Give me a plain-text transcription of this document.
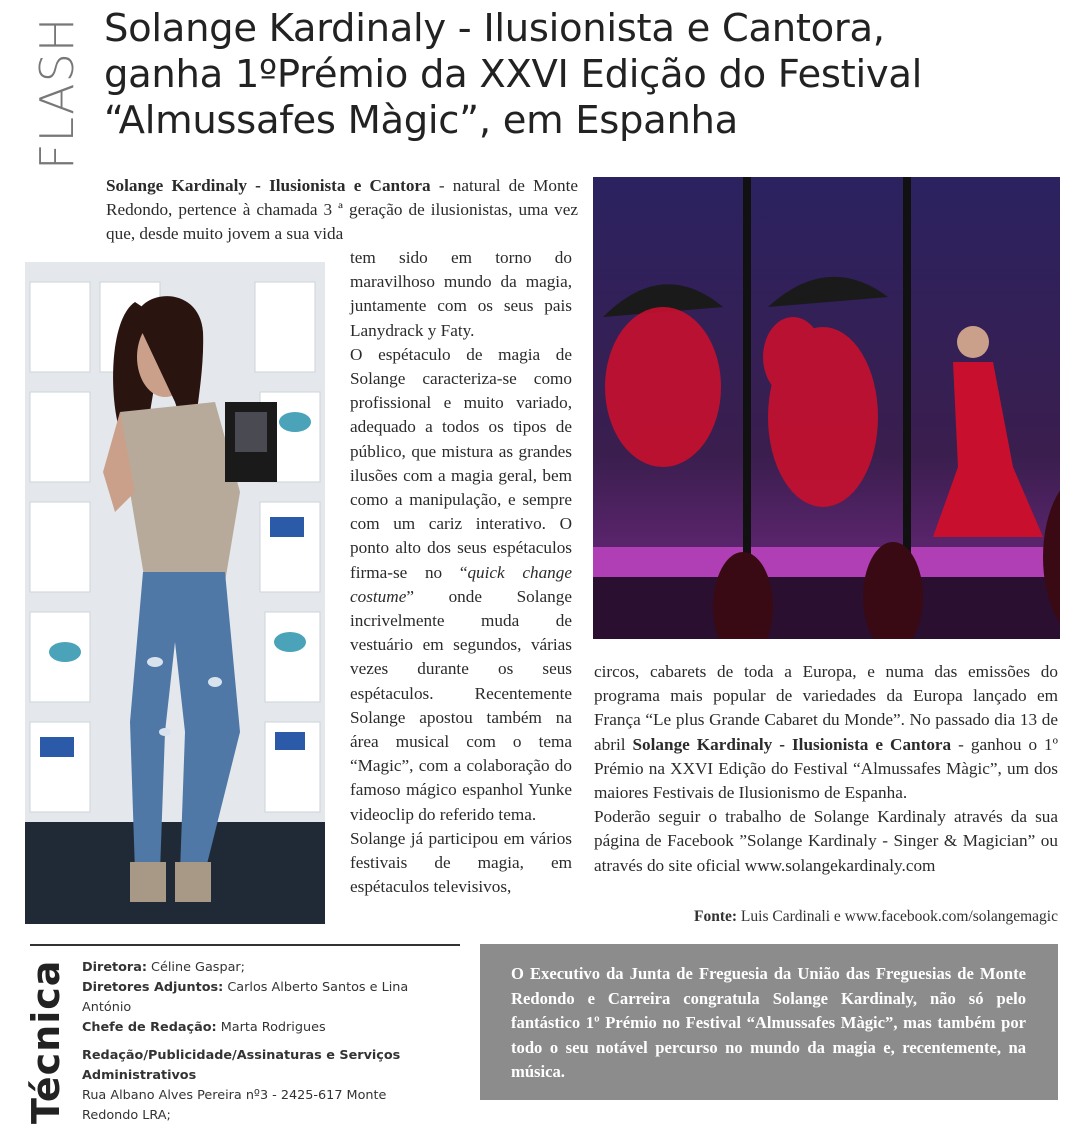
FLASH Solange Kardinaly - Ilusionista e Cantora,
ganha 1ºPrémio da XXVI Edição do Festival
“Almussafes Màgic”, em Espanha

Solange Kardinaly - Ilusionista e Cantora - natural de Monte Redondo, pertence à chamada 3 ª geração de ilusionistas, uma vez que, desde muito jovem a sua vida

tem sido em torno do maravilhoso mundo da magia, juntamente com os seus pais Lanydrack y Faty.

O espétaculo de magia de Solange caracteriza-se como profissional e muito variado, adequado a todos os tipos de público, que mistura as grandes ilusões com a magia geral, bem como a manipulação, e sempre com um cariz interativo. O ponto alto dos seus espétaculos firma-se no “quick change costume” onde Solange incrivelmente muda de vestuário em segundos, várias vezes durante os seus espétaculos. Recentemente Solange apostou também na área musical com o tema “Magic”, com a colaboração do famoso mágico espanhol Yunke videoclip do referido tema.

Solange já participou em vários festivais de magia, em espétaculos televisivos,

circos, cabarets de toda a Europa, e numa das emissões do programa mais popular de variedades da Europa lançado em França “Le plus Grande Cabaret du Monde”. No passado dia 13 de abril Solange Kardinaly - Ilusionista e Cantora - ganhou o 1º Prémio na XXVI Edição do Festival “Almussafes Màgic”, um dos maiores Festivais de Ilusionismo de Espanha.

Poderão seguir o trabalho de Solange Kardinaly através da sua página de Facebook ”Solange Kardinaly - Singer & Magician” ou através do site oficial www.solangekardinaly.com

Fonte: Luis Cardinali e www.facebook.com/solangemagic
Técnica Diretora: Céline Gaspar;
Diretores Adjuntos: Carlos Alberto Santos e Lina António
Chefe de Redação: Marta Rodrigues
Redação/Publicidade/Assinaturas e Serviços Administrativos
Rua Albano Alves Pereira nº3 - 2425-617 Monte Redondo LRA;

O Executivo da Junta de Freguesia da União das Freguesias de Monte Redondo e Carreira congratula Solange Kardinaly, não só pelo fantástico 1º Prémio no Festival “Almussafes Màgic”, mas também por todo o seu notável percurso no mundo da magia e, recentemente, na música.
